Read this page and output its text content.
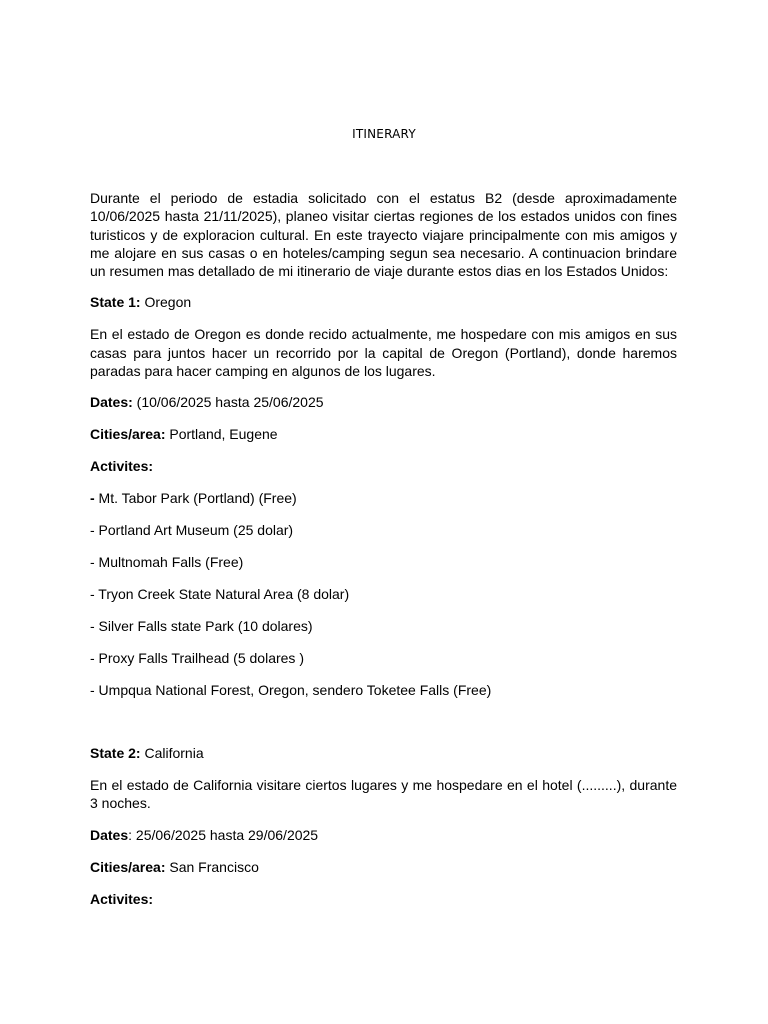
ITINERARY

Durante el periodo de estadia solicitado con el estatus B2 (desde aproximadamente 10/06/2025 hasta 21/11/2025), planeo visitar ciertas regiones de los estados unidos con fines turisticos y de exploracion cultural. En este trayecto viajare principalmente con mis amigos y me alojare en sus casas o en hoteles/camping segun sea necesario. A continuacion brindare un resumen mas detallado de mi itinerario de viaje durante estos dias en los Estados Unidos:

State 1: Oregon

En el estado de Oregon es donde recido actualmente, me hospedare con mis amigos en sus casas para juntos hacer un recorrido por la capital de Oregon (Portland), donde haremos paradas para hacer camping en algunos de los lugares.

Dates: (10/06/2025 hasta 25/06/2025
Cities/area: Portland, Eugene
Activites:
- Mt. Tabor Park (Portland) (Free)
- Portland Art Museum (25 dolar)
- Multnomah Falls (Free)
- Tryon Creek State Natural Area (8 dolar)
- Silver Falls state Park (10 dolares)
- Proxy Falls Trailhead (5 dolares )
- Umpqua National Forest, Oregon, sendero Toketee Falls (Free)
State 2: California

En el estado de California visitare ciertos lugares y me hospedare en el hotel (.........), durante 3 noches.

Dates: 25/06/2025 hasta 29/06/2025
Cities/area: San Francisco
Activites:
